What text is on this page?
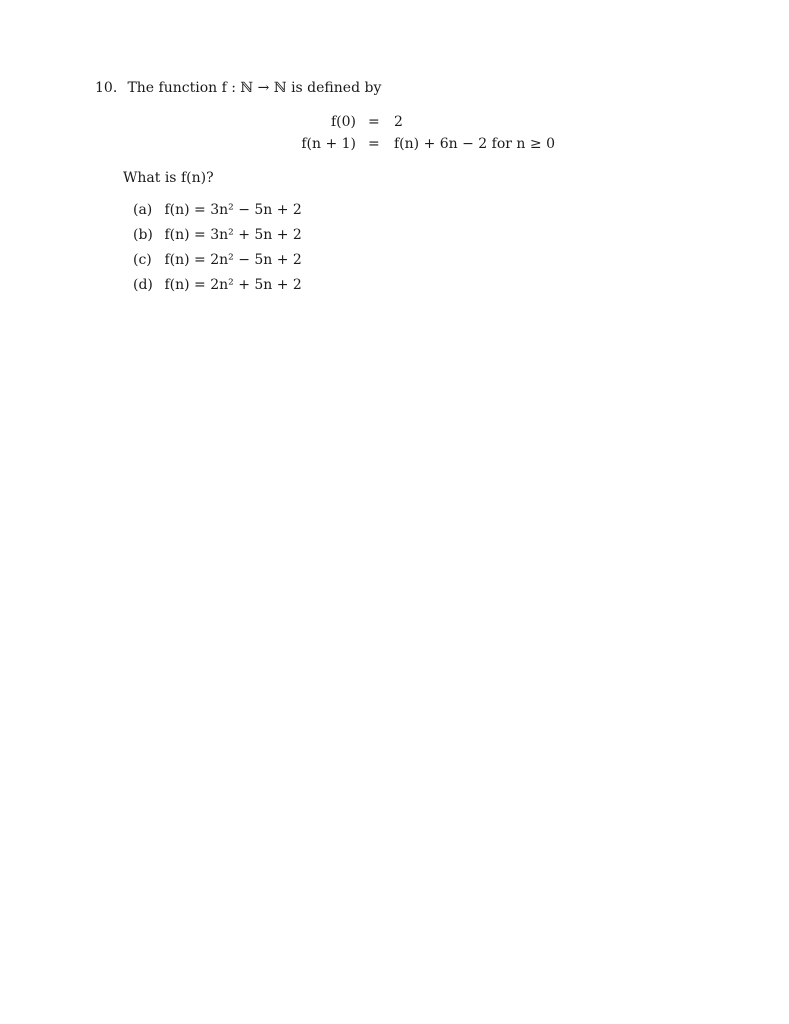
10. The function f : ℕ → ℕ is defined by
f(0) = 2
f(n + 1) = f(n) + 6n − 2 for n ≥ 0
What is f(n)?
(a) f(n) = 3n² − 5n + 2
(b) f(n) = 3n² + 5n + 2
(c) f(n) = 2n² − 5n + 2
(d) f(n) = 2n² + 5n + 2
